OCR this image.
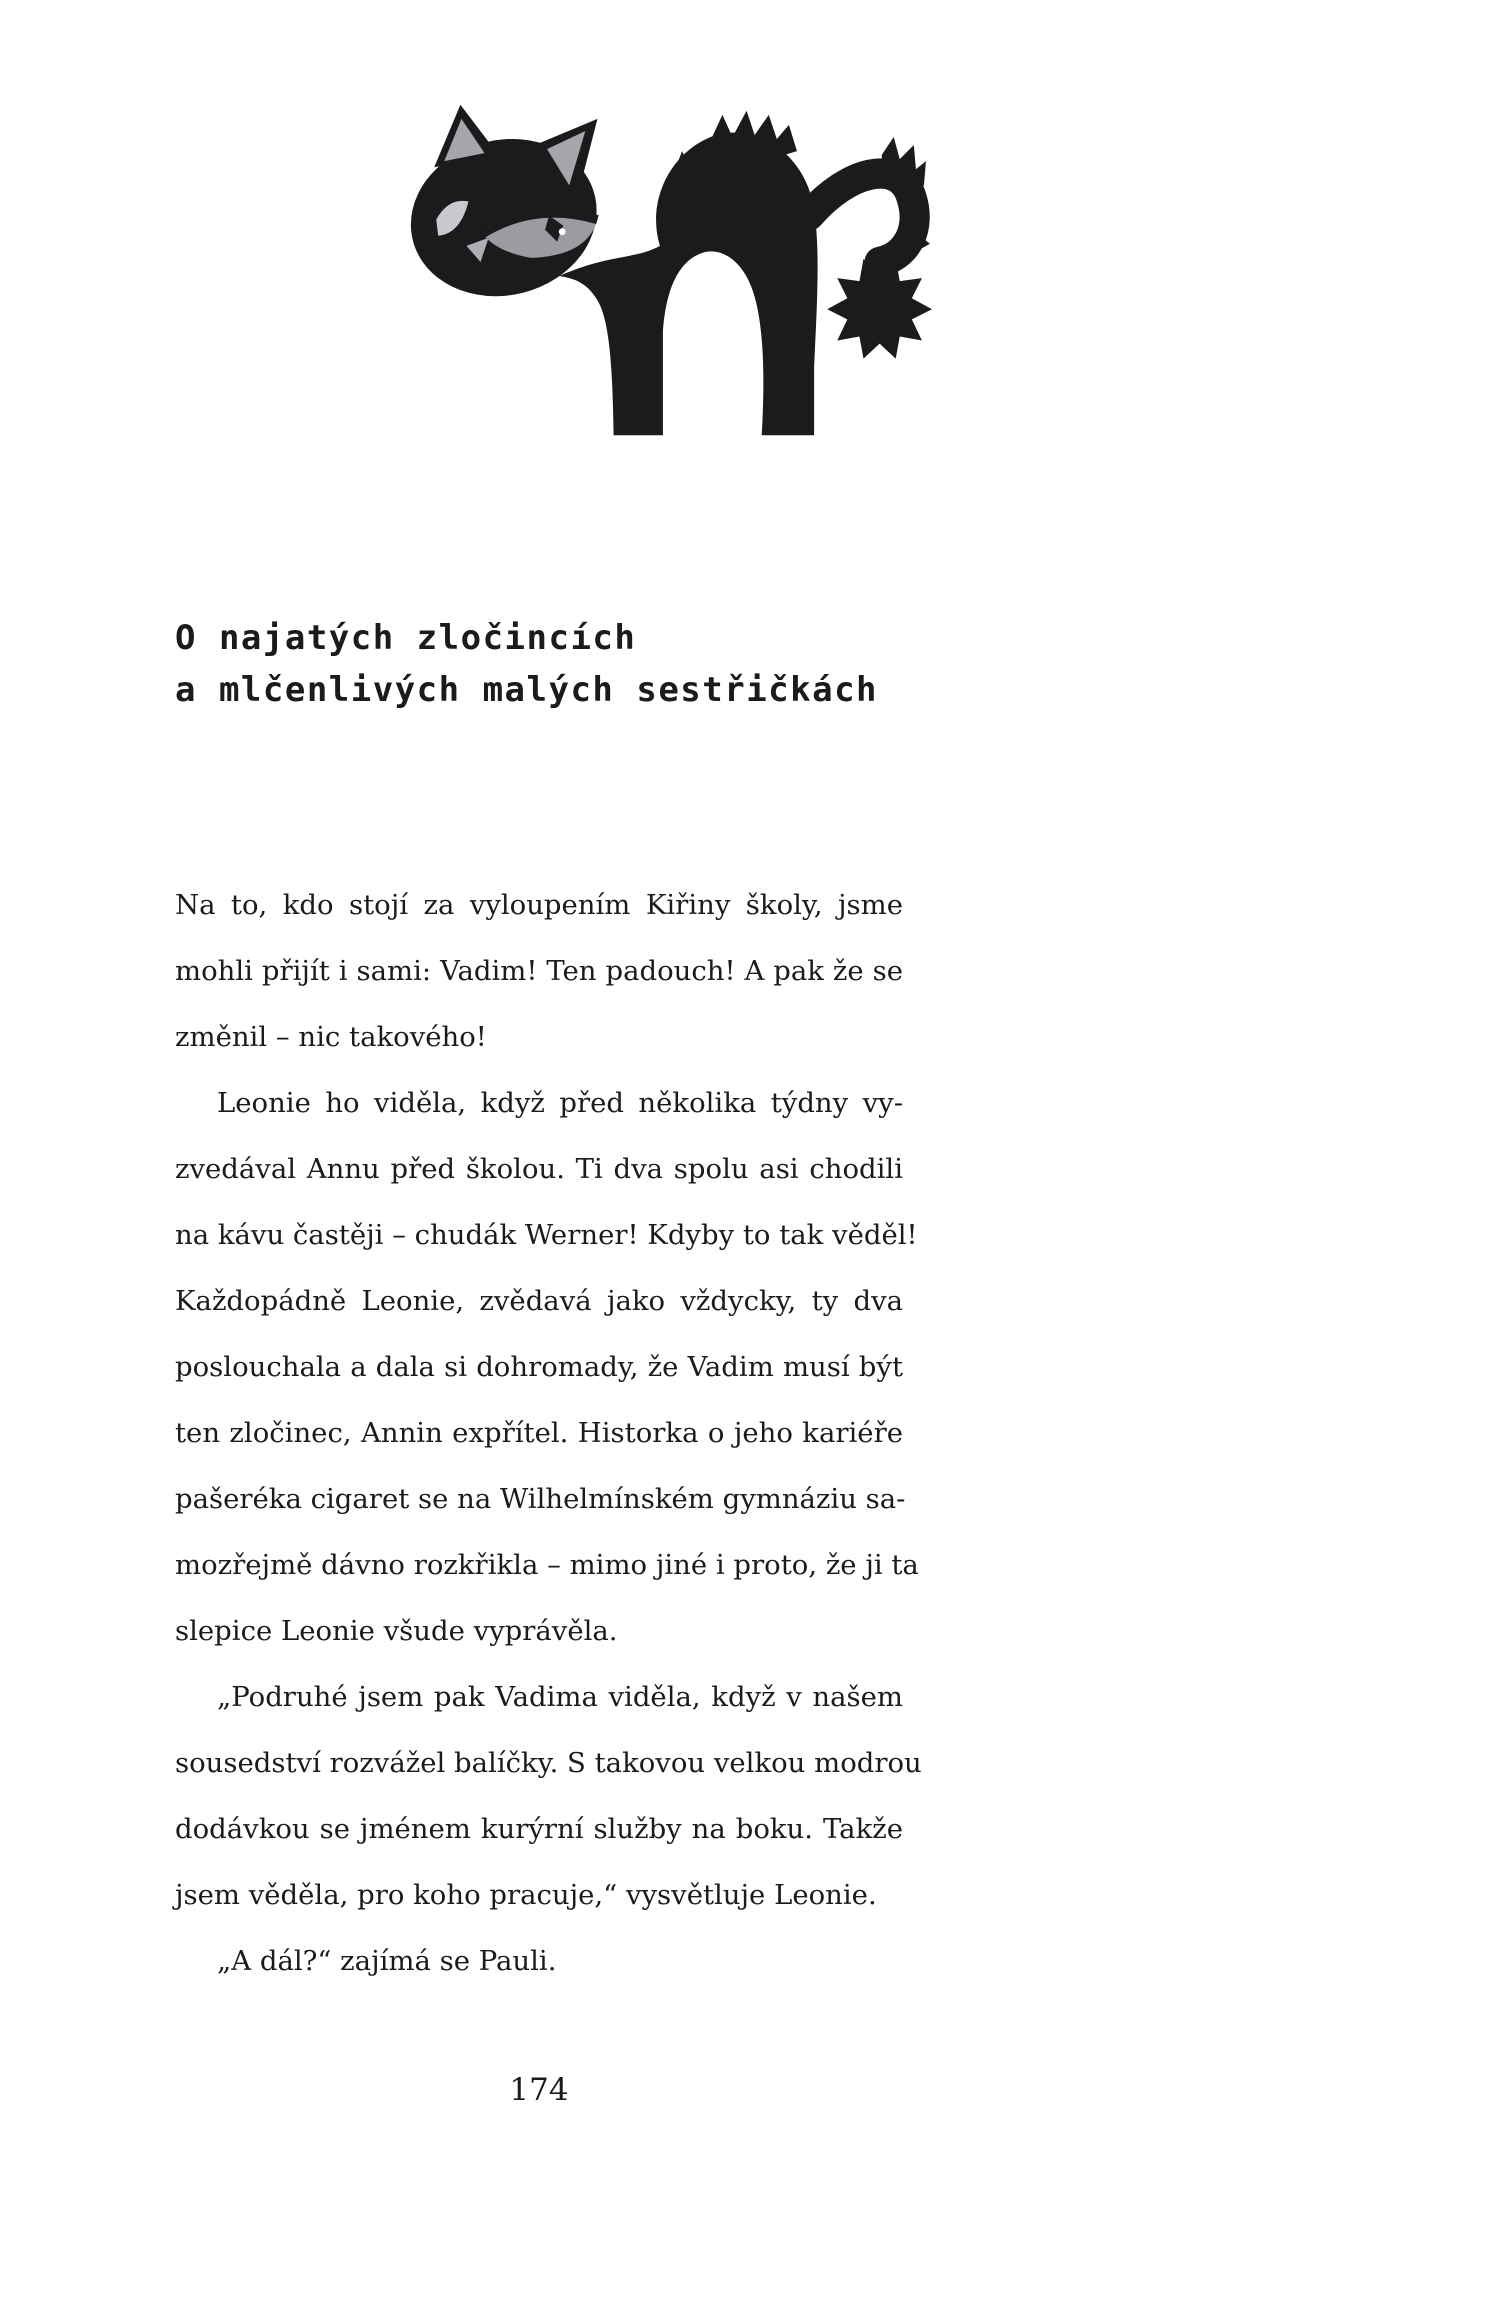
O najatých zločincích
a mlčenlivých malých sestřičkách
Na to, kdo stojí za vyloupením Kiřiny školy, jsme
mohli přijít i sami: Vadim! Ten padouch! A pak že se
změnil – nic takového!
Leonie ho viděla, když před několika týdny vy-
zvedával Annu před školou. Ti dva spolu asi chodili
na kávu častěji – chudák Werner! Kdyby to tak věděl!
Každopádně Leonie, zvědavá jako vždycky, ty dva
poslouchala a dala si dohromady, že Vadim musí být
ten zločinec, Annin expřítel. Historka o jeho kariéře
pašeréka cigaret se na Wilhelmínském gymnáziu sa-
mozřejmě dávno rozkřikla – mimo jiné i proto, že ji ta
slepice Leonie všude vyprávěla.
„Podruhé jsem pak Vadima viděla, když v našem
sousedství rozvážel balíčky. S takovou velkou modrou
dodávkou se jménem kurýrní služby na boku. Takže
jsem věděla, pro koho pracuje,“ vysvětluje Leonie.
„A dál?“ zajímá se Pauli.
174
